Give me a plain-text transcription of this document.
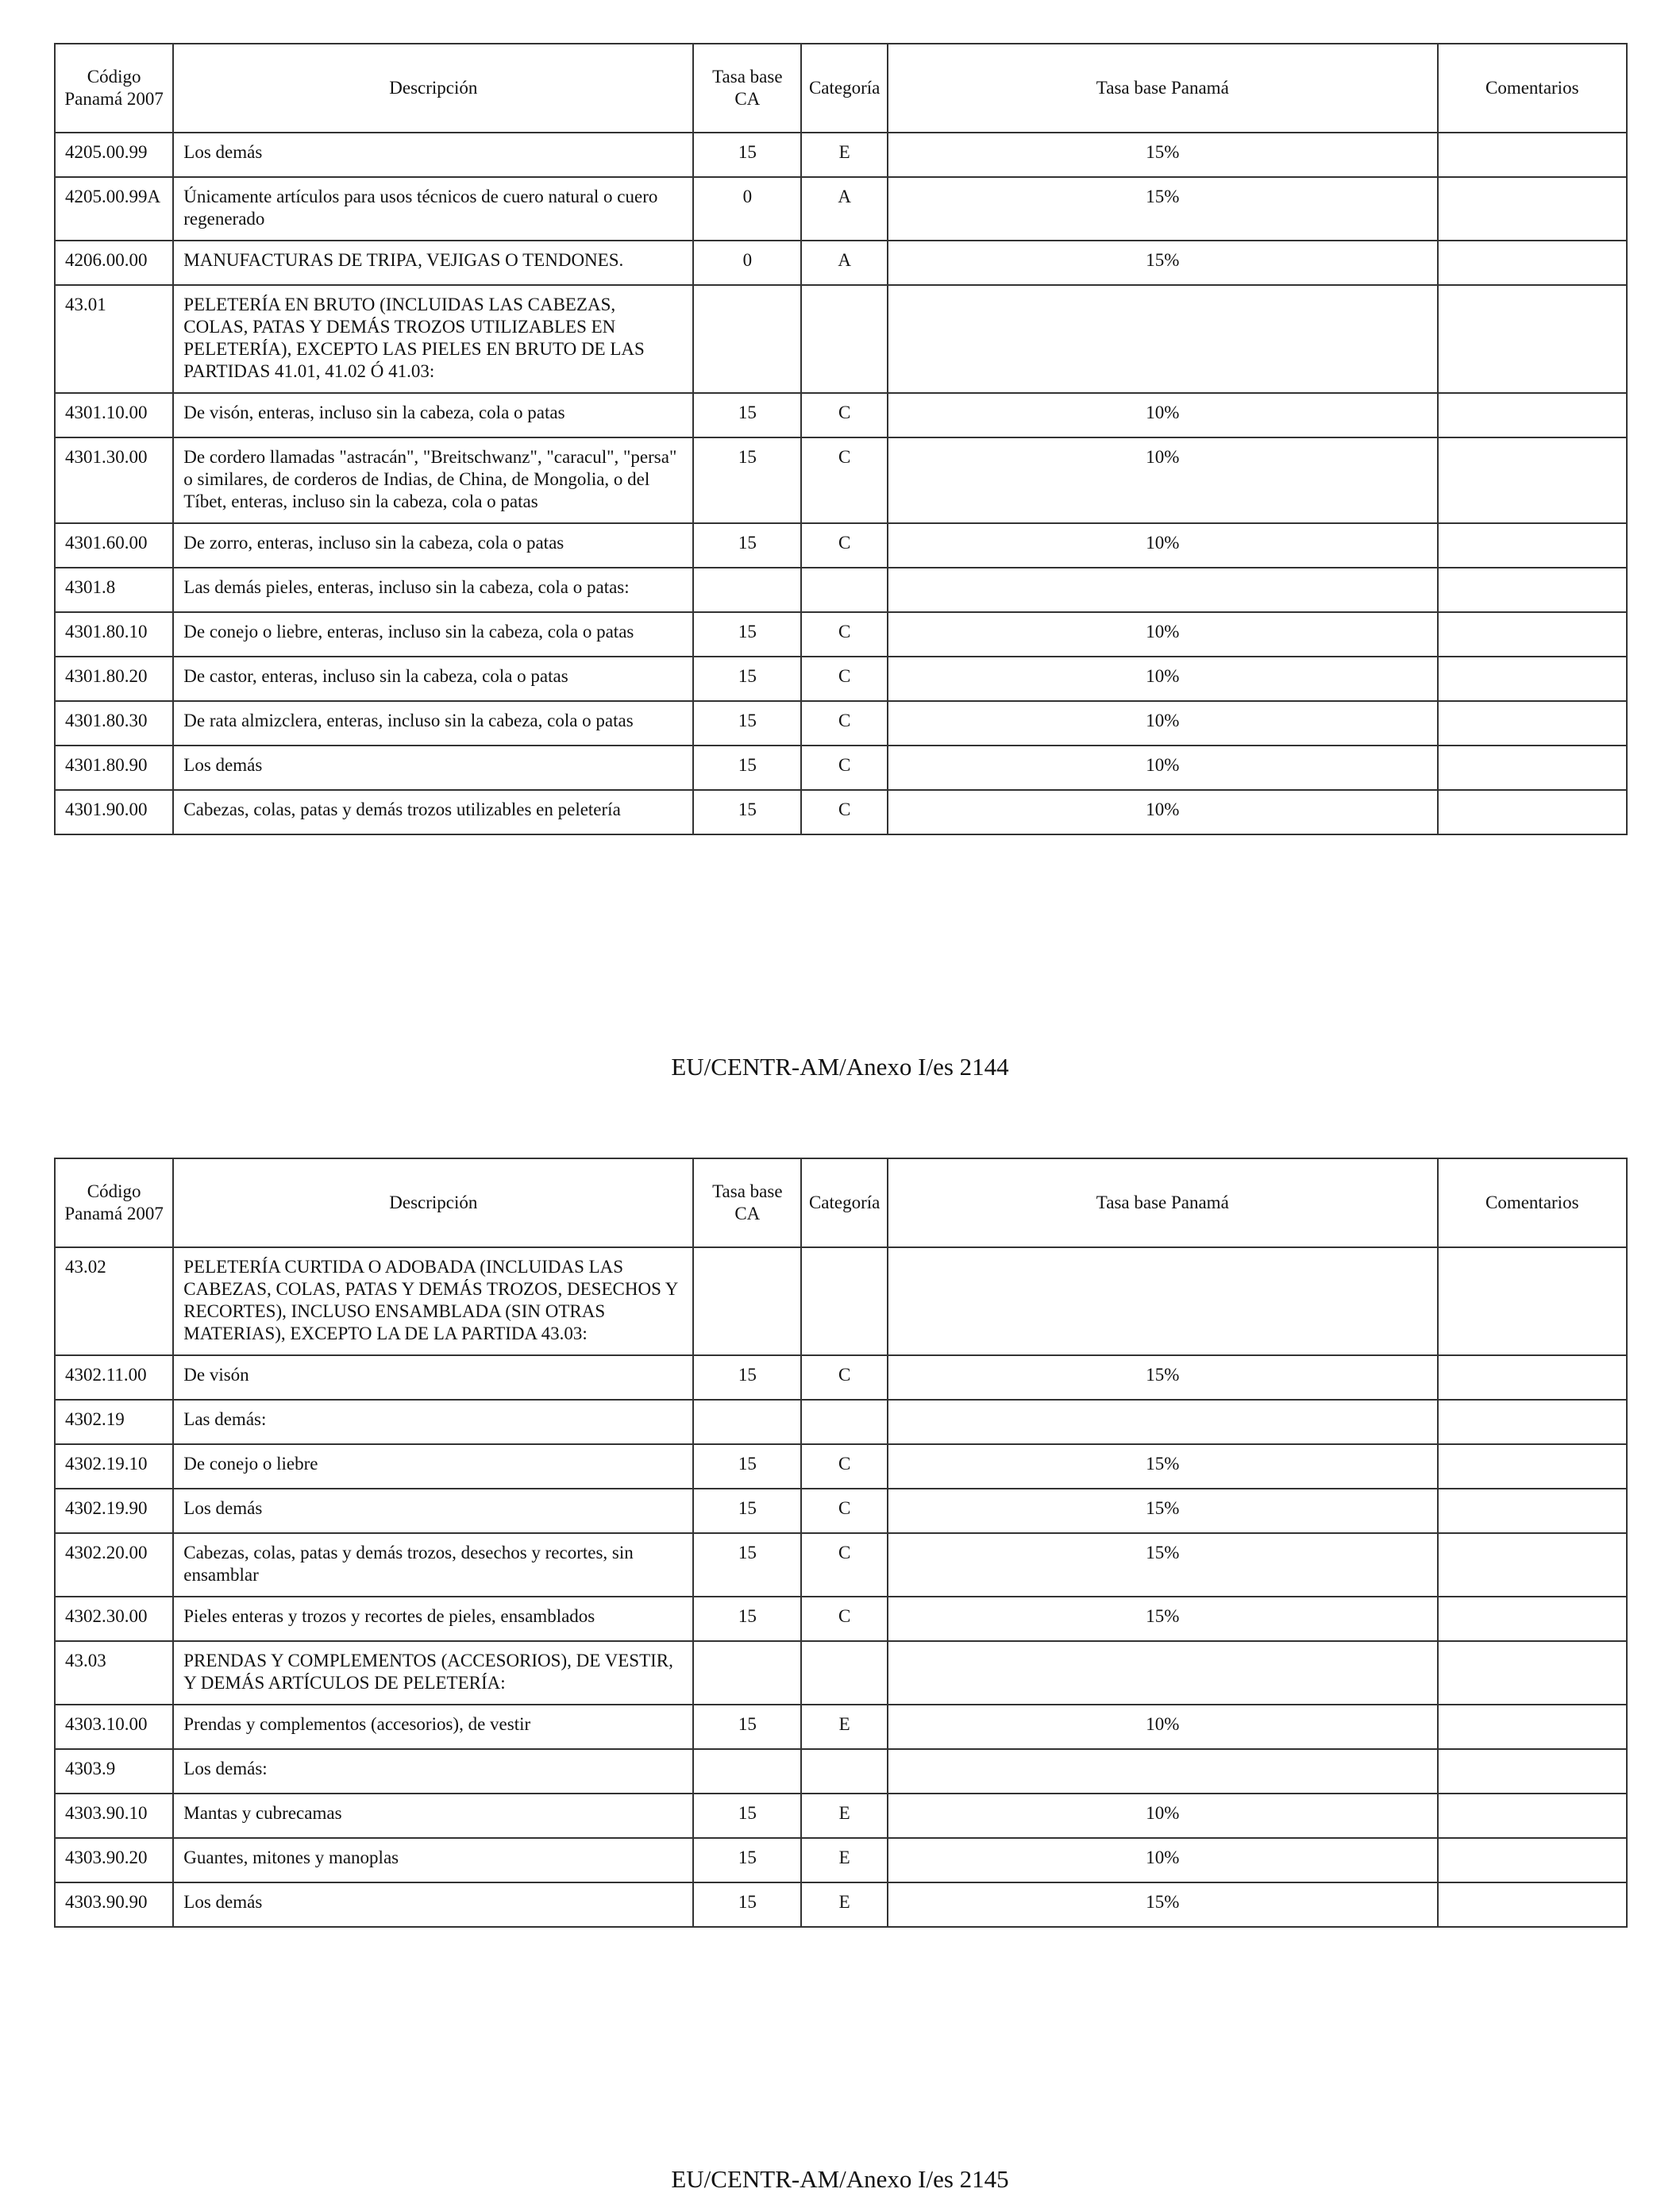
Código Panamá 2007	Descripción	Tasa base CA	Categoría	Tasa base Panamá	Comentarios
4205.00.99	Los demás	15	E	15%	
4205.00.99A	Únicamente artículos para usos técnicos de cuero natural o cuero regenerado	0	A	15%	
4206.00.00	MANUFACTURAS DE TRIPA, VEJIGAS O TENDONES.	0	A	15%	
43.01	PELETERÍA EN BRUTO (INCLUIDAS LAS CABEZAS, COLAS, PATAS Y DEMÁS TROZOS UTILIZABLES EN PELETERÍA), EXCEPTO LAS PIELES EN BRUTO DE LAS PARTIDAS 41.01, 41.02 Ó 41.03:				
4301.10.00	De visón, enteras, incluso sin la cabeza, cola o patas	15	C	10%	
4301.30.00	De cordero llamadas "astracán", "Breitschwanz", "caracul", "persa" o similares, de corderos de Indias, de China, de Mongolia, o del Tíbet, enteras, incluso sin la cabeza, cola o patas	15	C	10%	
4301.60.00	De zorro, enteras, incluso sin la cabeza, cola o patas	15	C	10%	
4301.8	Las demás pieles, enteras, incluso sin la cabeza, cola o patas:				
4301.80.10	De conejo o liebre, enteras, incluso sin la cabeza, cola o patas	15	C	10%	
4301.80.20	De castor, enteras, incluso sin la cabeza, cola o patas	15	C	10%	
4301.80.30	De rata almizclera, enteras, incluso sin la cabeza, cola o patas	15	C	10%	
4301.80.90	Los demás	15	C	10%	
4301.90.00	Cabezas, colas, patas y demás trozos utilizables en peletería	15	C	10%	
EU/CENTR-AM/Anexo I/es 2144
Código Panamá 2007	Descripción	Tasa base CA	Categoría	Tasa base Panamá	Comentarios
43.02	PELETERÍA CURTIDA O ADOBADA (INCLUIDAS LAS CABEZAS, COLAS, PATAS Y DEMÁS TROZOS, DESECHOS Y RECORTES), INCLUSO ENSAMBLADA (SIN OTRAS MATERIAS), EXCEPTO LA DE LA PARTIDA 43.03:				
4302.11.00	De visón	15	C	15%	
4302.19	Las demás:				
4302.19.10	De conejo o liebre	15	C	15%	
4302.19.90	Los demás	15	C	15%	
4302.20.00	Cabezas, colas, patas y demás trozos, desechos y recortes, sin ensamblar	15	C	15%	
4302.30.00	Pieles enteras y trozos y recortes de pieles, ensamblados	15	C	15%	
43.03	PRENDAS Y COMPLEMENTOS (ACCESORIOS), DE VESTIR, Y DEMÁS ARTÍCULOS DE PELETERÍA:				
4303.10.00	Prendas y complementos (accesorios), de vestir	15	E	10%	
4303.9	Los demás:				
4303.90.10	Mantas y cubrecamas	15	E	10%	
4303.90.20	Guantes, mitones y manoplas	15	E	10%	
4303.90.90	Los demás	15	E	15%	
EU/CENTR-AM/Anexo I/es 2145
